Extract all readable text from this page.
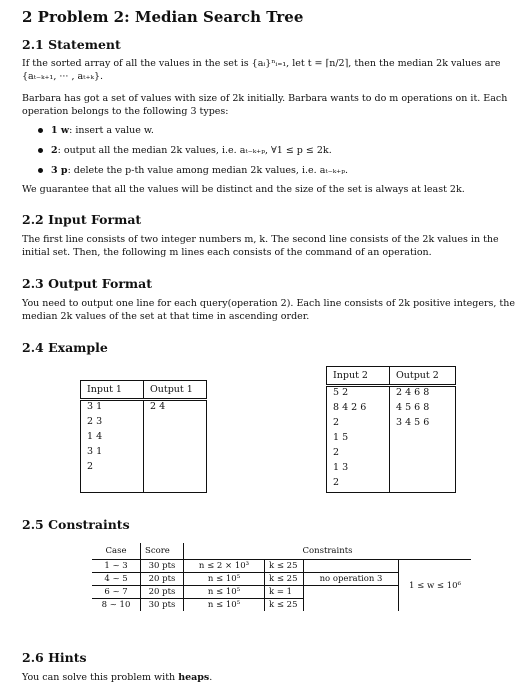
2 Problem 2: Median Search Tree
2.1 Statement
If the sorted array of all the values in the set is {aᵢ}ⁿᵢ₌₁, let t = ⌈n/2⌉, then the median 2k values are
{aₜ₋ₖ₊₁, ··· , aₜ₊ₖ}.
Barbara has got a set of values with size of 2k initially. Barbara wants to do m operations on it. Each
operation belongs to the following 3 types:
1 w: insert a value w.
2: output all the median 2k values, i.e. aₜ₋ₖ₊ₚ, ∀1 ≤ p ≤ 2k.
3 p: delete the p-th value among median 2k values, i.e. aₜ₋ₖ₊ₚ.
We guarantee that all the values will be distinct and the size of the set is always at least 2k.
2.2 Input Format
The first line consists of two integer numbers m, k. The second line consists of the 2k values in the
initial set. Then, the following m lines each consists of the command of an operation.
2.3 Output Format
You need to output one line for each query(operation 2). Each line consists of 2k positive integers, the
median 2k values of the set at that time in ascending order.
2.4 Example
Input 1	Output 1
3 1	2 4
2 3	
1 4	
3 1	
2	

Input 2	Output 2
5 2	2 4 6 8
8 4 2 6	4 5 6 8
2	3 4 5 6
1 5	
2	
1 3	
2	
2.5 Constraints
Case	Score	Constraints			
1 ~ 3	30 pts	n ≤ 2 × 10³	k ≤ 25		1 ≤ w ≤ 10⁶
4 ~ 5	20 pts	n ≤ 10⁵	k ≤ 25	no operation 3	
6 ~ 7	20 pts	n ≤ 10⁵	k = 1		
8 ~ 10	30 pts	n ≤ 10⁵	k ≤ 25		
2.6 Hints
You can solve this problem with heaps.
